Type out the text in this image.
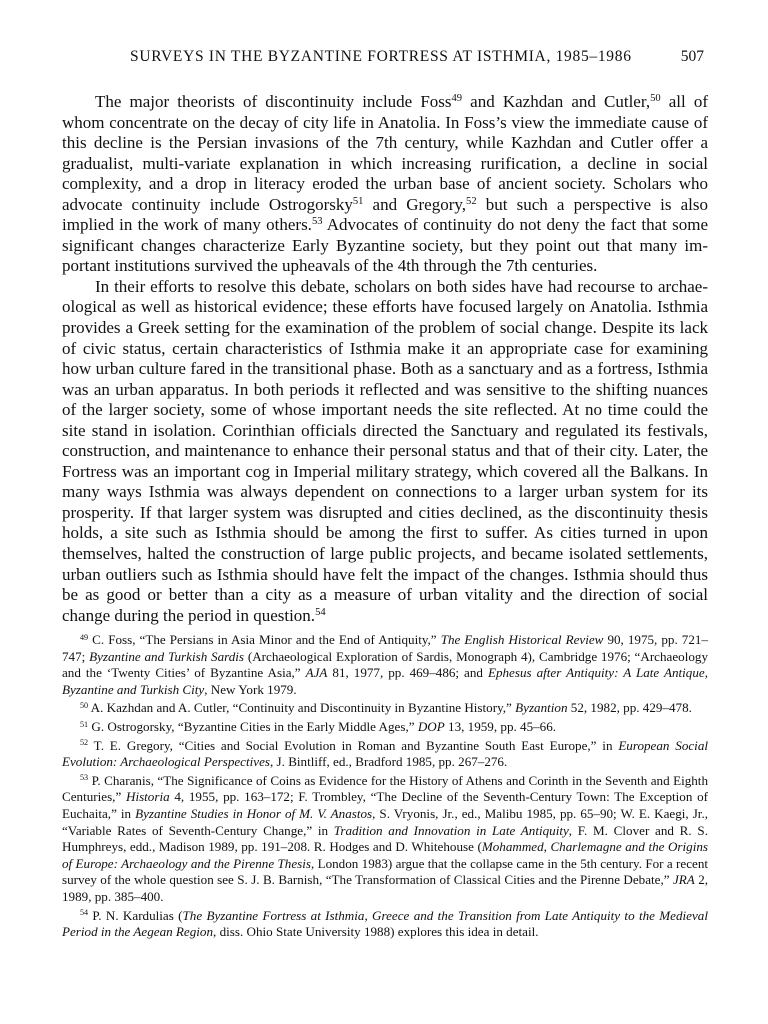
SURVEYS IN THE BYZANTINE FORTRESS AT ISTHMIA, 1985–1986	507

The major theorists of discontinuity include Foss$^{49}$ and Kazhdan and Cutler,$^{50}$ all of whom concentrate on the decay of city life in Anatolia. In Foss’s view the immediate cause of this decline is the Persian invasions of the 7th century, while Kazhdan and Cutler offer a gradualist, multi-variate explanation in which increasing rurification, a decline in social complexity, and a drop in literacy eroded the urban base of ancient society. Scholars who advocate continuity include Ostrogorsky$^{51}$ and Gregory,$^{52}$ but such a perspective is also implied in the work of many others.$^{53}$ Advocates of continuity do not deny the fact that some significant changes characterize Early Byzantine society, but they point out that many important institutions survived the upheavals of the 4th through the 7th centuries.

In their efforts to resolve this debate, scholars on both sides have had recourse to archaeological as well as historical evidence; these efforts have focused largely on Anatolia. Isthmia provides a Greek setting for the examination of the problem of social change. Despite its lack of civic status, certain characteristics of Isthmia make it an appropriate case for examining how urban culture fared in the transitional phase. Both as a sanctuary and as a fortress, Isthmia was an urban apparatus. In both periods it reflected and was sensitive to the shifting nuances of the larger society, some of whose important needs the site reflected. At no time could the site stand in isolation. Corinthian officials directed the Sanctuary and regulated its festivals, construction, and maintenance to enhance their personal status and that of their city. Later, the Fortress was an important cog in Imperial military strategy, which covered all the Balkans. In many ways Isthmia was always dependent on connections to a larger urban system for its prosperity. If that larger system was disrupted and cities declined, as the discontinuity thesis holds, a site such as Isthmia should be among the first to suffer. As cities turned in upon themselves, halted the construction of large public projects, and became isolated settlements, urban outliers such as Isthmia should have felt the impact of the changes. Isthmia should thus be as good or better than a city as a measure of urban vitality and the direction of social change during the period in question.$^{54}$

$^{49}$ C. Foss, “The Persians in Asia Minor and the End of Antiquity,” The English Historical Review 90, 1975, pp. 721–747; Byzantine and Turkish Sardis (Archaeological Exploration of Sardis, Monograph 4), Cambridge 1976; “Archaeology and the ‘Twenty Cities’ of Byzantine Asia,” AJA 81, 1977, pp. 469–486; and Ephesus after Antiquity: A Late Antique, Byzantine and Turkish City, New York 1979.

$^{50}$ A. Kazhdan and A. Cutler, “Continuity and Discontinuity in Byzantine History,” Byzantion 52, 1982, pp. 429–478.

$^{51}$ G. Ostrogorsky, “Byzantine Cities in the Early Middle Ages,” DOP 13, 1959, pp. 45–66.

$^{52}$ T. E. Gregory, “Cities and Social Evolution in Roman and Byzantine South East Europe,” in European Social Evolution: Archaeological Perspectives, J. Bintliff, ed., Bradford 1985, pp. 267–276.

$^{53}$ P. Charanis, “The Significance of Coins as Evidence for the History of Athens and Corinth in the Seventh and Eighth Centuries,” Historia 4, 1955, pp. 163–172; F. Trombley, “The Decline of the Seventh-Century Town: The Exception of Euchaita,” in Byzantine Studies in Honor of M. V. Anastos, S. Vryonis, Jr., ed., Malibu 1985, pp. 65–90; W. E. Kaegi, Jr., “Variable Rates of Seventh-Century Change,” in Tradition and Innovation in Late Antiquity, F. M. Clover and R. S. Humphreys, edd., Madison 1989, pp. 191–208. R. Hodges and D. Whitehouse (Mohammed, Charlemagne and the Origins of Europe: Archaeology and the Pirenne Thesis, London 1983) argue that the collapse came in the 5th century. For a recent survey of the whole question see S. J. B. Barnish, “The Transformation of Classical Cities and the Pirenne Debate,” JRA 2, 1989, pp. 385–400.

$^{54}$ P. N. Kardulias (The Byzantine Fortress at Isthmia, Greece and the Transition from Late Antiquity to the Medieval Period in the Aegean Region, diss. Ohio State University 1988) explores this idea in detail.
